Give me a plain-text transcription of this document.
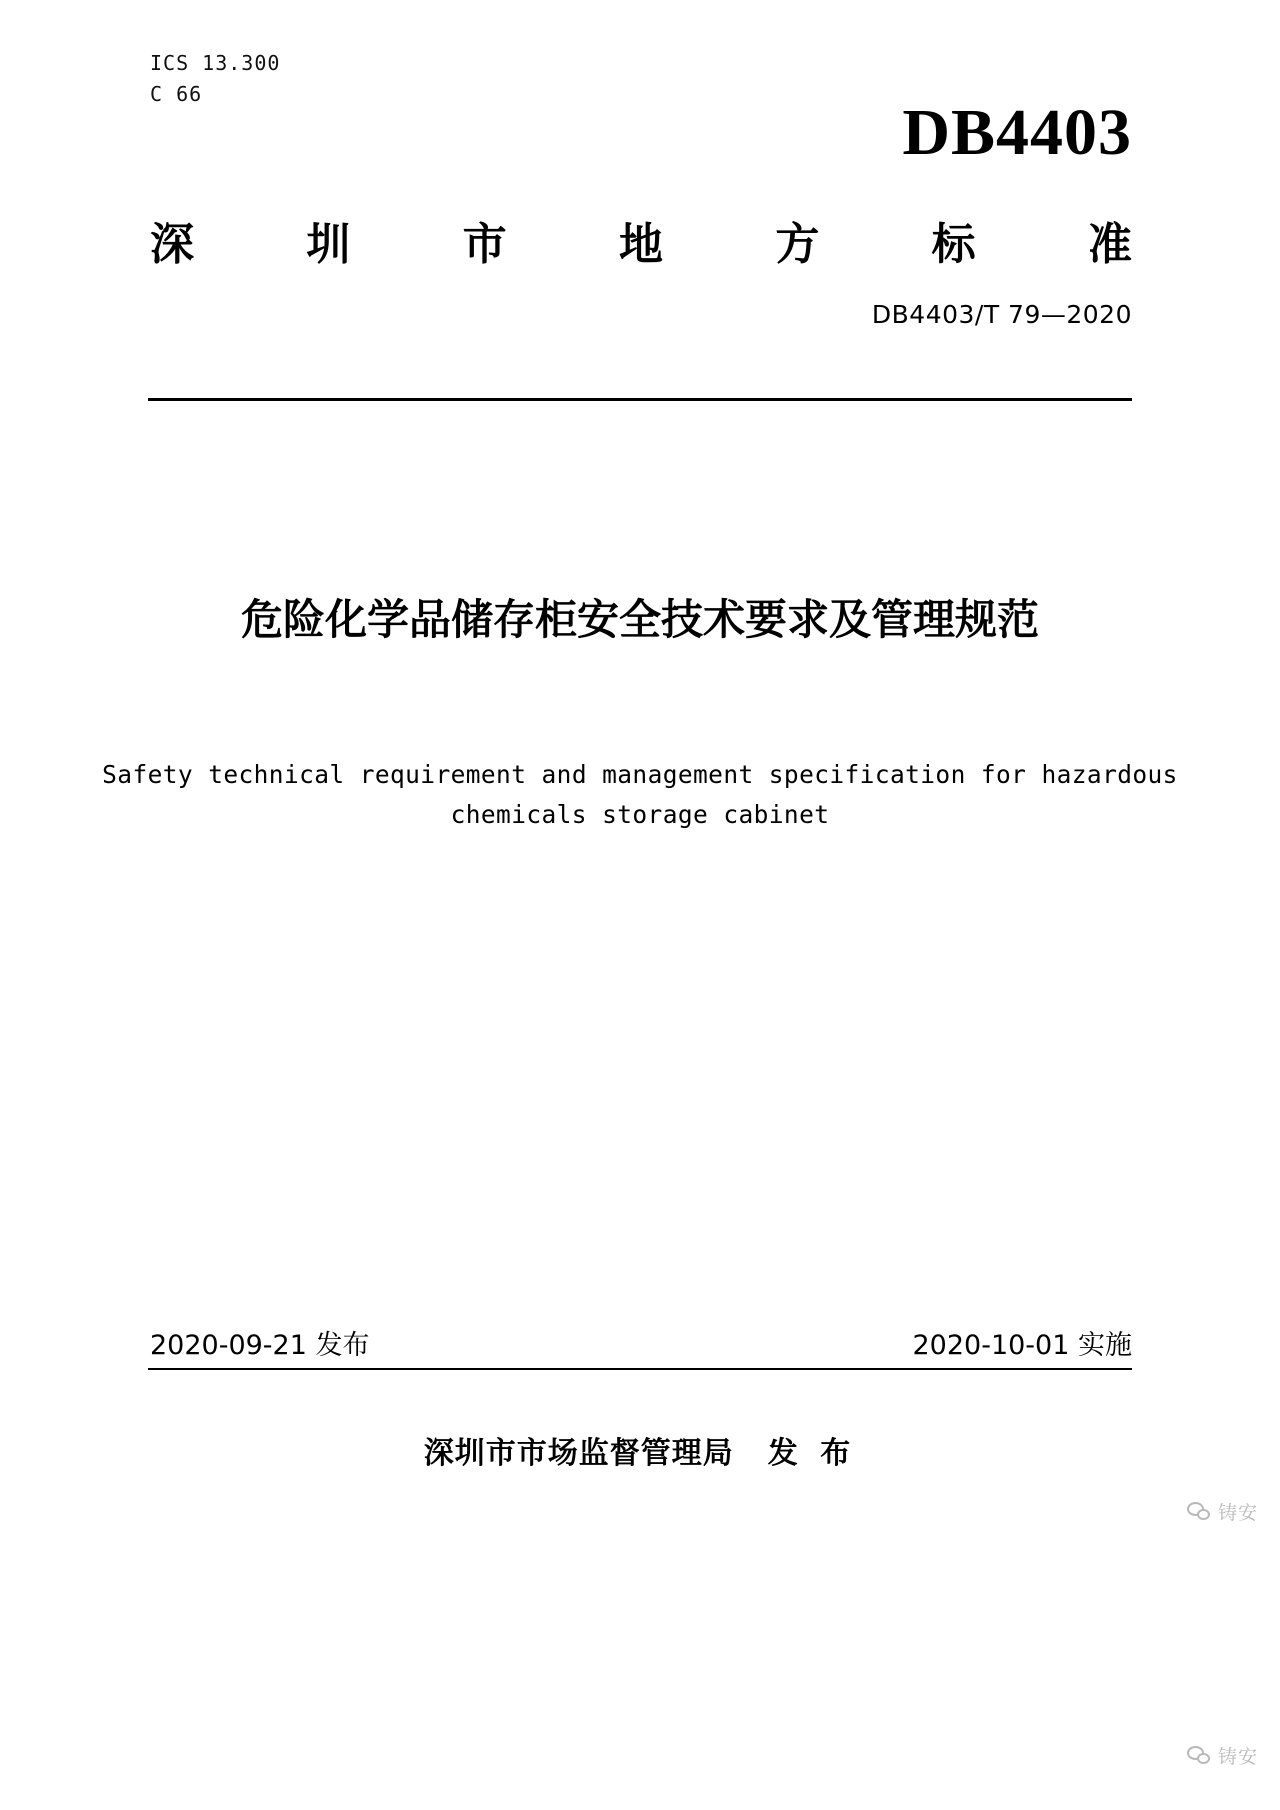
ICS 13.300
C 66
DB4403
深圳市地方标准
DB4403/T 79—2020
危险化学品储存柜安全技术要求及管理规范
Safety technical requirement and management specification for hazardous
chemicals storage cabinet
2020-09-21 发布	2020-10-01 实施
深圳市市场监督管理局 发 布
铸安
铸安
